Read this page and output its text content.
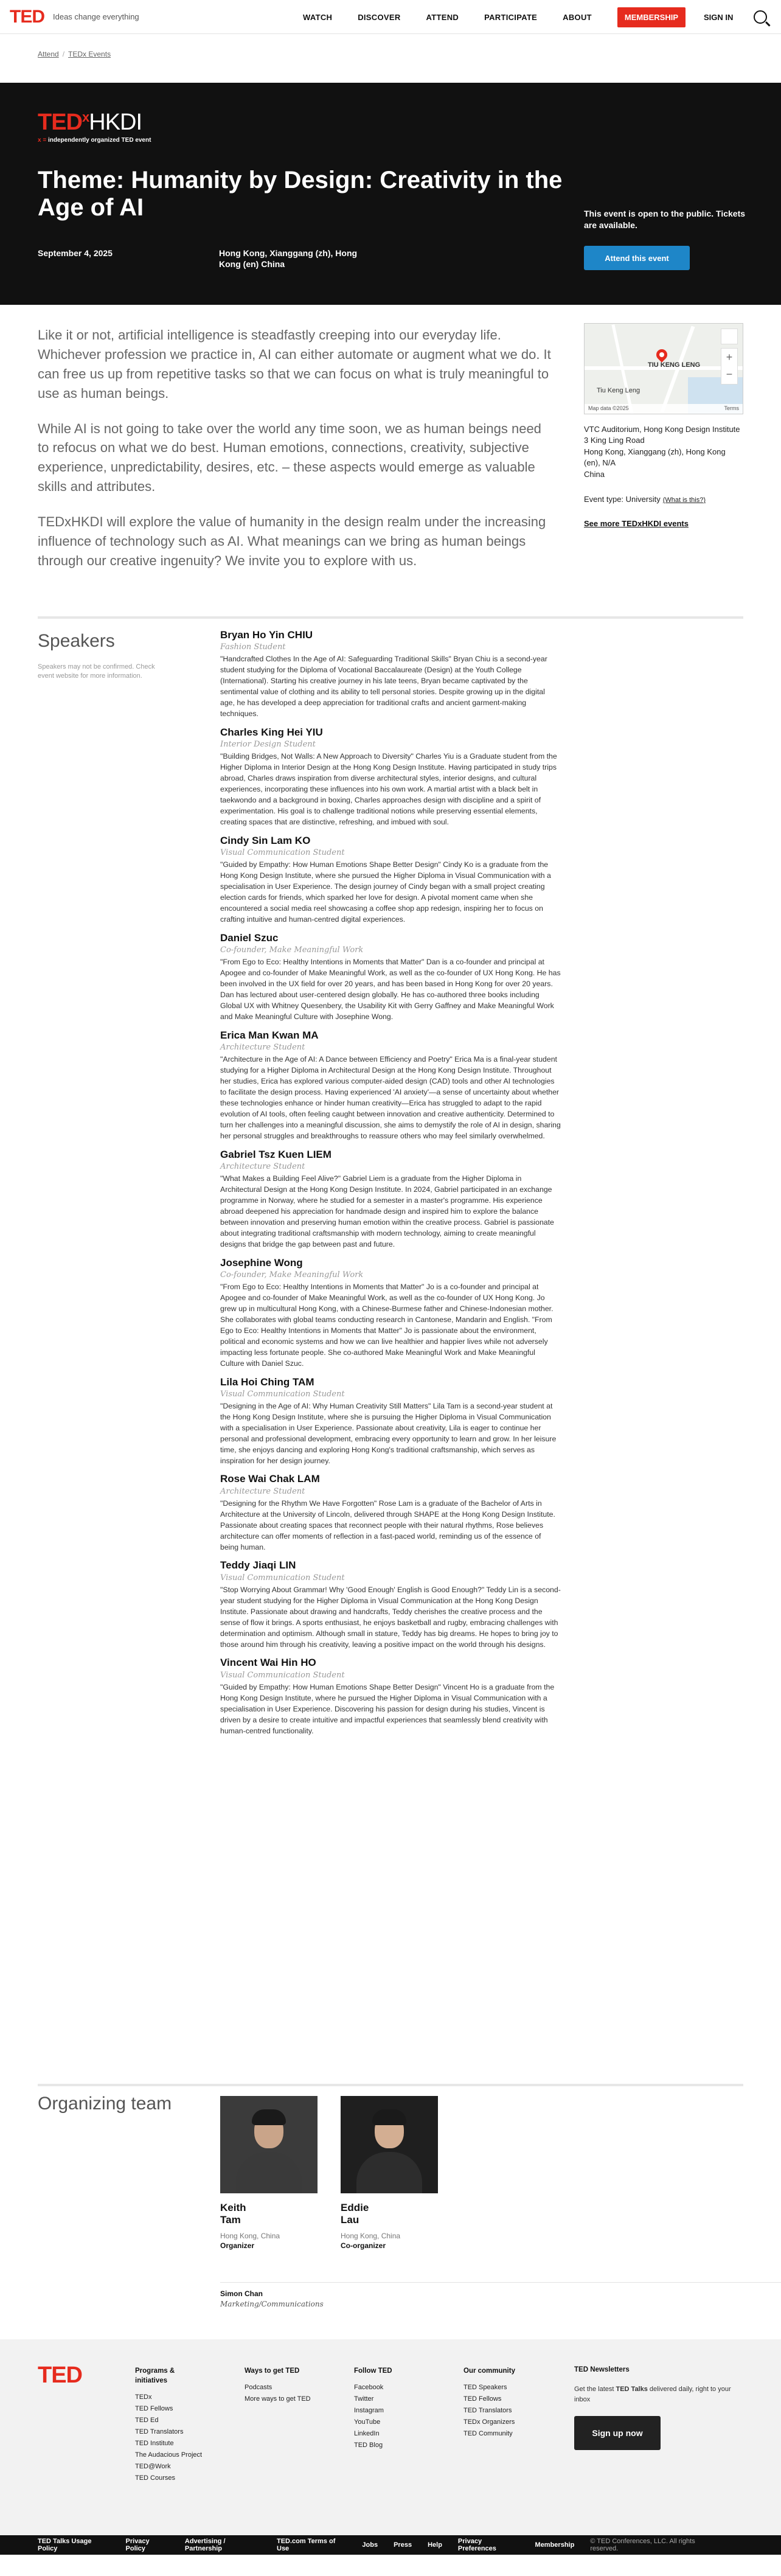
TED Ideas change everything	WATCH	DISCOVER	ATTEND	PARTICIPATE	ABOUT	MEMBERSHIP	SIGN IN
Attend / TEDx Events
TED$^x$HKDI
x = independently organized TED event
Theme: Humanity by Design: Creativity in the Age of AI
September 4, 2025	Hong Kong, Xianggang (zh), Hong Kong (en) China
This event is open to the public. Tickets are available.
Attend this event

Like it or not, artificial intelligence is steadfastly creeping into our everyday life. Whichever profession we practice in, AI can either automate or augment what we do. It can free us up from repetitive tasks so that we can focus on what is truly meaningful to use as human beings.

While AI is not going to take over the world any time soon, we as human beings need to refocus on what we do best. Human emotions, connections, creativity, subjective experience, unpredictability, desires, etc. – these aspects would emerge as valuable skills and attributes.

TEDxHKDI will explore the value of humanity in the design realm under the increasing influence of technology such as AI. What meanings can we bring as human beings through our creative ingenuity? We invite you to explore with us.

TIU KENG LENG
Tiu Keng Leng
+ −
Map data ©2025	Terms
VTC Auditorium, Hong Kong Design Institute
3 King Ling Road
Hong Kong, Xianggang (zh), Hong Kong (en), N/A
China
Event type: University (What is this?)
See more TEDxHKDI events
Speakers
Speakers may not be confirmed. Check event website for more information.
Bryan Ho Yin CHIU
Fashion Student
"Handcrafted Clothes In the Age of AI: Safeguarding Traditional Skills" Bryan Chiu is a second-year student studying for the Diploma of Vocational Baccalaureate (Design) at the Youth College (International). Starting his creative journey in his late teens, Bryan became captivated by the sentimental value of clothing and its ability to tell personal stories. Despite growing up in the digital age, he has developed a deep appreciation for traditional crafts and ancient garment-making techniques.
Charles King Hei YIU
Interior Design Student
"Building Bridges, Not Walls: A New Approach to Diversity" Charles Yiu is a Graduate student from the Higher Diploma in Interior Design at the Hong Kong Design Institute. Having participated in study trips abroad, Charles draws inspiration from diverse architectural styles, interior designs, and cultural experiences, incorporating these influences into his own work. A martial artist with a black belt in taekwondo and a background in boxing, Charles approaches design with discipline and a spirit of experimentation. His goal is to challenge traditional notions while preserving essential elements, creating spaces that are distinctive, refreshing, and imbued with soul.
Cindy Sin Lam KO
Visual Communication Student
"Guided by Empathy: How Human Emotions Shape Better Design" Cindy Ko is a graduate from the Hong Kong Design Institute, where she pursued the Higher Diploma in Visual Communication with a specialisation in User Experience. The design journey of Cindy began with a small project creating election cards for friends, which sparked her love for design. A pivotal moment came when she encountered a social media reel showcasing a coffee shop app redesign, inspiring her to focus on crafting intuitive and human-centred digital experiences.
Daniel Szuc
Co-founder, Make Meaningful Work
"From Ego to Eco: Healthy Intentions in Moments that Matter" Dan is a co-founder and principal at Apogee and co-founder of Make Meaningful Work, as well as the co-founder of UX Hong Kong. He has been involved in the UX field for over 20 years, and has been based in Hong Kong for over 20 years. Dan has lectured about user-centered design globally. He has co-authored three books including Global UX with Whitney Quesenbery, the Usability Kit with Gerry Gaffney and Make Meaningful Work and Make Meaningful Culture with Josephine Wong.
Erica Man Kwan MA
Architecture Student
"Architecture in the Age of AI: A Dance between Efficiency and Poetry" Erica Ma is a final-year student studying for a Higher Diploma in Architectural Design at the Hong Kong Design Institute. Throughout her studies, Erica has explored various computer-aided design (CAD) tools and other AI technologies to facilitate the design process. Having experienced 'AI anxiety'—a sense of uncertainty about whether these technologies enhance or hinder human creativity—Erica has struggled to adapt to the rapid evolution of AI tools, often feeling caught between innovation and creative authenticity. Determined to turn her challenges into a meaningful discussion, she aims to demystify the role of AI in design, sharing her personal struggles and breakthroughs to reassure others who may feel similarly overwhelmed.
Gabriel Tsz Kuen LIEM
Architecture Student
"What Makes a Building Feel Alive?" Gabriel Liem is a graduate from the Higher Diploma in Architectural Design at the Hong Kong Design Institute. In 2024, Gabriel participated in an exchange programme in Norway, where he studied for a semester in a master's programme. His experience abroad deepened his appreciation for handmade design and inspired him to explore the balance between innovation and preserving human emotion within the creative process. Gabriel is passionate about integrating traditional craftsmanship with modern technology, aiming to create meaningful designs that bridge the gap between past and future.
Josephine Wong
Co-founder, Make Meaningful Work
"From Ego to Eco: Healthy Intentions in Moments that Matter" Jo is a co-founder and principal at Apogee and co-founder of Make Meaningful Work, as well as the co-founder of UX Hong Kong. Jo grew up in multicultural Hong Kong, with a Chinese-Burmese father and Chinese-Indonesian mother. She collaborates with global teams conducting research in Cantonese, Mandarin and English. "From Ego to Eco: Healthy Intentions in Moments that Matter" Jo is passionate about the environment, political and economic systems and how we can live healthier and happier lives while not adversely impacting less fortunate people. She co-authored Make Meaningful Work and Make Meaningful Culture with Daniel Szuc.
Lila Hoi Ching TAM
Visual Communication Student
"Designing in the Age of AI: Why Human Creativity Still Matters" Lila Tam is a second-year student at the Hong Kong Design Institute, where she is pursuing the Higher Diploma in Visual Communication with a specialisation in User Experience. Passionate about creativity, Lila is eager to continue her personal and professional development, embracing every opportunity to learn and grow. In her leisure time, she enjoys dancing and exploring Hong Kong's traditional craftsmanship, which serves as inspiration for her design journey.
Rose Wai Chak LAM
Architecture Student
"Designing for the Rhythm We Have Forgotten" Rose Lam is a graduate of the Bachelor of Arts in Architecture at the University of Lincoln, delivered through SHAPE at the Hong Kong Design Institute. Passionate about creating spaces that reconnect people with their natural rhythms, Rose believes architecture can offer moments of reflection in a fast-paced world, reminding us of the essence of being human.
Teddy Jiaqi LIN
Visual Communication Student
"Stop Worrying About Grammar! Why 'Good Enough' English is Good Enough?" Teddy Lin is a second-year student studying for the Higher Diploma in Visual Communication at the Hong Kong Design Institute. Passionate about drawing and handcrafts, Teddy cherishes the creative process and the sense of flow it brings. A sports enthusiast, he enjoys basketball and rugby, embracing challenges with determination and optimism. Although small in stature, Teddy has big dreams. He hopes to bring joy to those around him through his creativity, leaving a positive impact on the world through his designs.
Vincent Wai Hin HO
Visual Communication Student
"Guided by Empathy: How Human Emotions Shape Better Design" Vincent Ho is a graduate from the Hong Kong Design Institute, where he pursued the Higher Diploma in Visual Communication with a specialisation in User Experience. Discovering his passion for design during his studies, Vincent is driven by a desire to create intuitive and impactful experiences that seamlessly blend creativity with human-centred functionality.
Organizing team
Keith Tam
Hong Kong, China
Organizer
Eddie Lau
Hong Kong, China
Co-organizer
Simon Chan
Marketing/Communications
TED	Programs & initiatives
TEDx
TED Fellows
TED Ed
TED Translators
TED Institute
The Audacious Project
TED@Work
TED Courses
Ways to get TED
Podcasts
More ways to get TED
Follow TED
Facebook
Twitter
Instagram
YouTube
LinkedIn
TED Blog
Our community
TED Speakers
TED Fellows
TED Translators
TEDx Organizers
TED Community
TED Newsletters
Get the latest TED Talks delivered daily, right to your inbox
Sign up now
TED Talks Usage Policy
Privacy Policy
Advertising / Partnership
TED.com Terms of Use	Jobs Press Help Privacy Preferences	Membership © TED Conferences, LLC. All rights reserved.
